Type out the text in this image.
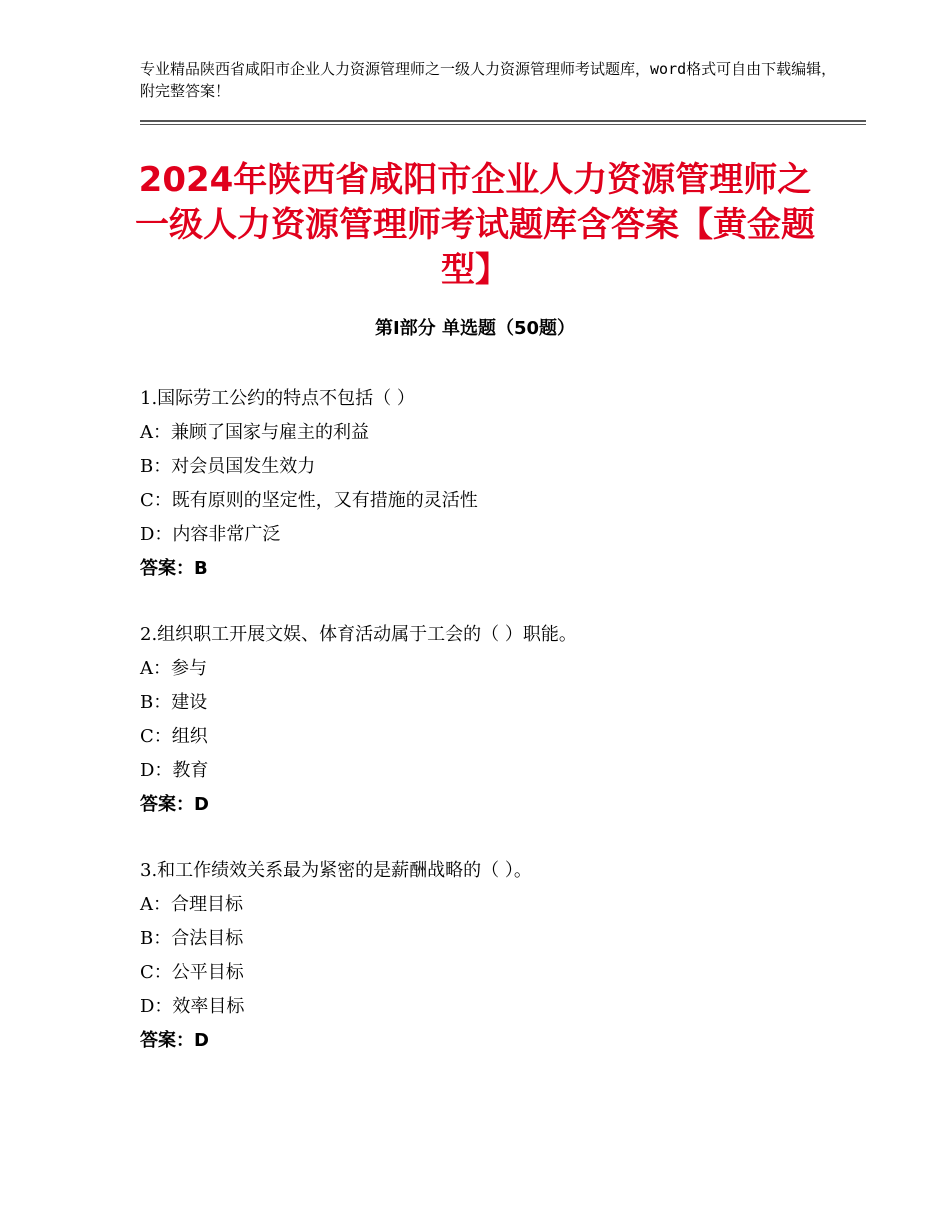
专业精品陕西省咸阳市企业人力资源管理师之一级人力资源管理师考试题库，word格式可自由下载编辑，附完整答案！
2024年陕西省咸阳市企业人力资源管理师之一级人力资源管理师考试题库含答案【黄金题型】
第Ⅰ部分 单选题（50题）
1.国际劳工公约的特点不包括（ ）
A：兼顾了国家与雇主的利益
B：对会员国发生效力
C：既有原则的坚定性，又有措施的灵活性
D：内容非常广泛
答案：B
2.组织职工开展文娱、体育活动属于工会的（ ）职能。
A：参与
B：建设
C：组织
D：教育
答案：D
3.和工作绩效关系最为紧密的是薪酬战略的（ ）。
A：合理目标
B：合法目标
C：公平目标
D：效率目标
答案：D
